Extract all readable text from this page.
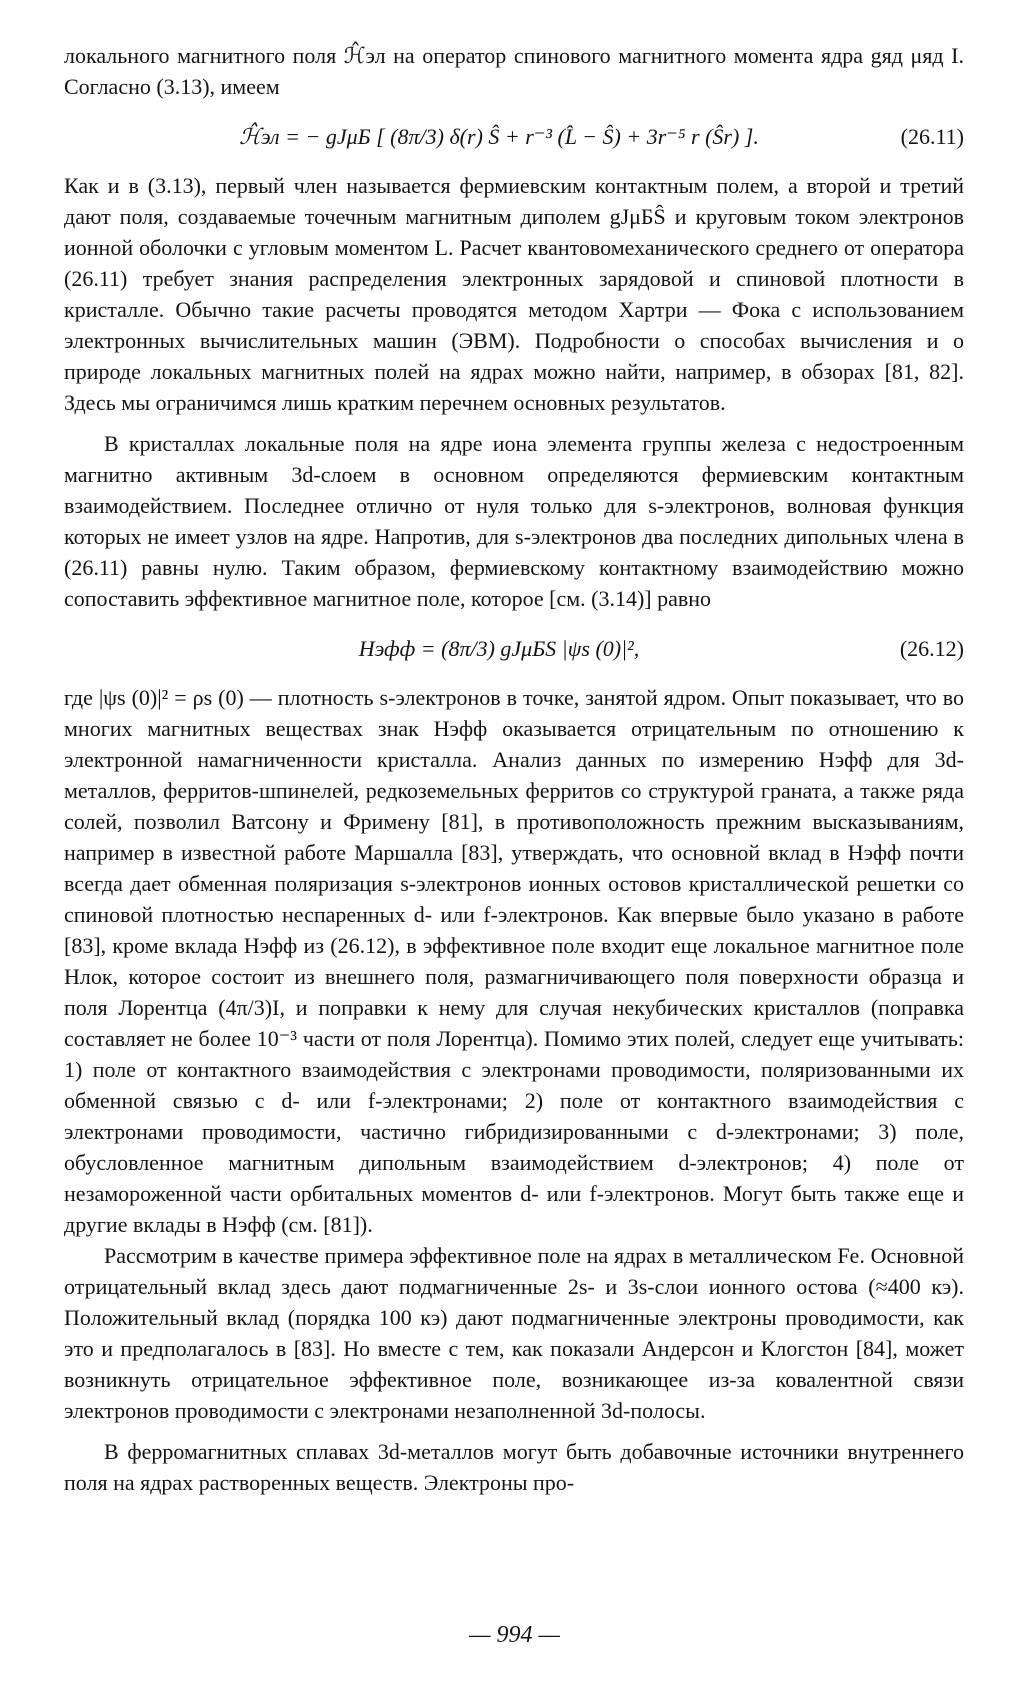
локального магнитного поля ℋ̂эл на оператор спинового магнитного момента ядра gяд μяд I. Согласно (3.13), имеем

ℋ̂эл = − gJμБ [ (8π/3) δ(r) Ŝ + r⁻³ (L̂ − Ŝ) + 3r⁻⁵ r (Ŝr) ].	(26.11)

Как и в (3.13), первый член называется фермиевским контактным полем, а второй и третий дают поля, создаваемые точечным магнитным диполем gJμБŜ и круговым током электронов ионной оболочки с угловым моментом L. Расчет квантовомеханического среднего от оператора (26.11) требует знания распределения электронных зарядовой и спиновой плотности в кристалле. Обычно такие расчеты проводятся методом Хартри — Фока с использованием электронных вычислительных машин (ЭВМ). Подробности о способах вычисления и о природе локальных магнитных полей на ядрах можно найти, например, в обзорах [81, 82]. Здесь мы ограничимся лишь кратким перечнем основных результатов.

В кристаллах локальные поля на ядре иона элемента группы железа с недостроенным магнитно активным 3d-слоем в основном определяются фермиевским контактным взаимодействием. Последнее отлично от нуля только для s-электронов, волновая функция которых не имеет узлов на ядре. Напротив, для s-электронов два последних дипольных члена в (26.11) равны нулю. Таким образом, фермиевскому контактному взаимодействию можно сопоставить эффективное магнитное поле, которое [см. (3.14)] равно

Hэфф = (8π/3) gJμБS |ψs (0)|²,	(26.12)

где |ψs (0)|² = ρs (0) — плотность s-электронов в точке, занятой ядром. Опыт показывает, что во многих магнитных веществах знак Hэфф оказывается отрицательным по отношению к электронной намагниченности кристалла. Анализ данных по измерению Hэфф для 3d-металлов, ферритов-шпинелей, редкоземельных ферритов со структурой граната, а также ряда солей, позволил Ватсону и Фримену [81], в противоположность прежним высказываниям, например в известной работе Маршалла [83], утверждать, что основной вклад в Hэфф почти всегда дает обменная поляризация s-электронов ионных остовов кристаллической решетки со спиновой плотностью неспаренных d- или f-электронов. Как впервые было указано в работе [83], кроме вклада Hэфф из (26.12), в эффективное поле входит еще локальное магнитное поле Hлок, которое состоит из внешнего поля, размагничивающего поля поверхности образца и поля Лорентца (4π/3)I, и поправки к нему для случая некубических кристаллов (поправка составляет не более 10⁻³ части от поля Лорентца). Помимо этих полей, следует еще учитывать: 1) поле от контактного взаимодействия с электронами проводимости, поляризованными их обменной связью с d- или f-электронами; 2) поле от контактного взаимодействия с электронами проводимости, частично гибридизированными с d-электронами; 3) поле, обусловленное магнитным дипольным взаимодействием d-электронов; 4) поле от незамороженной части орбитальных моментов d- или f-электронов. Могут быть также еще и другие вклады в Hэфф (см. [81]).

Рассмотрим в качестве примера эффективное поле на ядрах в металлическом Fe. Основной отрицательный вклад здесь дают подмагниченные 2s- и 3s-слои ионного остова (≈400 кэ). Положительный вклад (порядка 100 кэ) дают подмагниченные электроны проводимости, как это и предполагалось в [83]. Но вместе с тем, как показали Андерсон и Клогстон [84], может возникнуть отрицательное эффективное поле, возникающее из-за ковалентной связи электронов проводимости с электронами незаполненной 3d-полосы.

В ферромагнитных сплавах 3d-металлов могут быть добавочные источники внутреннего поля на ядрах растворенных веществ. Электроны про-

— 994 —
